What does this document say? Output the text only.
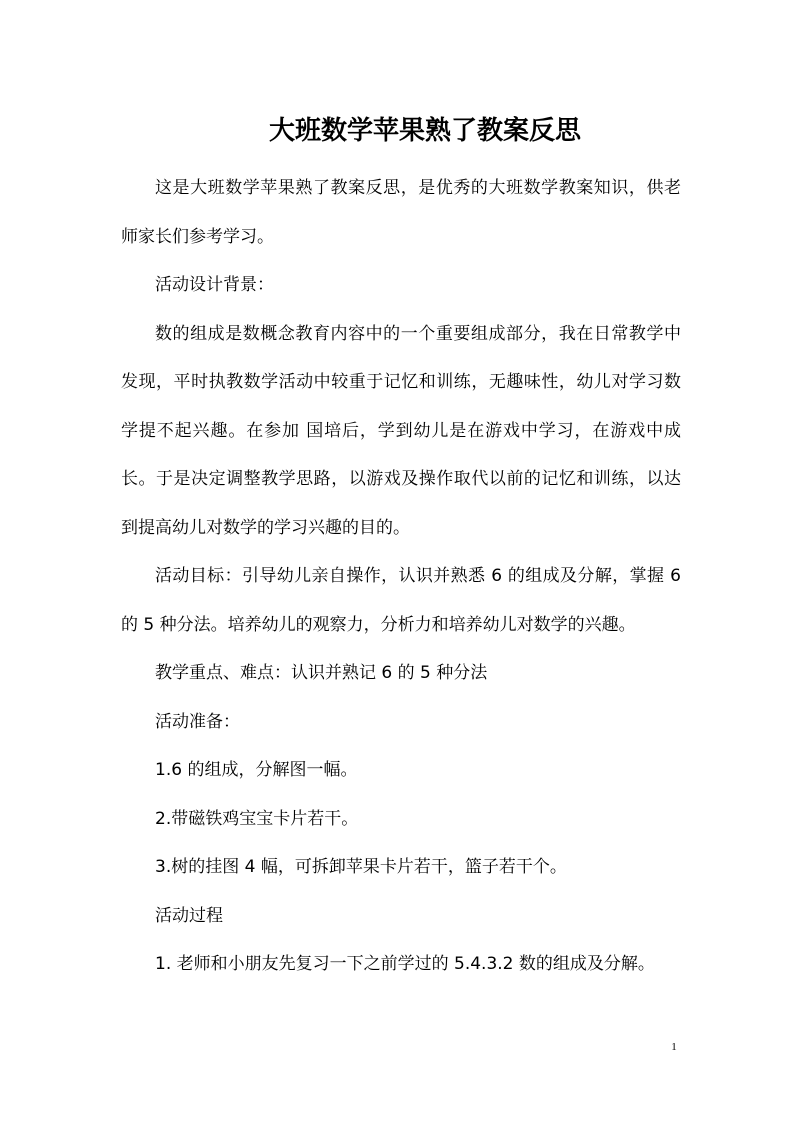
大班数学苹果熟了教案反思

这是大班数学苹果熟了教案反思，是优秀的大班数学教案知识，供老师家长们参考学习。

活动设计背景：

数的组成是数概念教育内容中的一个重要组成部分，我在日常教学中发现，平时执教数学活动中较重于记忆和训练，无趣味性，幼儿对学习数学提不起兴趣。在参加 国培后，学到幼儿是在游戏中学习，在游戏中成长。于是决定调整教学思路，以游戏及操作取代以前的记忆和训练，以达到提高幼儿对数学的学习兴趣的目的。

活动目标：引导幼儿亲自操作，认识并熟悉 6 的组成及分解，掌握 6 的 5 种分法。培养幼儿的观察力，分析力和培养幼儿对数学的兴趣。

教学重点、难点：认识并熟记 6 的 5 种分法

活动准备：

1.6 的组成，分解图一幅。

2.带磁铁鸡宝宝卡片若干。

3.树的挂图 4 幅，可拆卸苹果卡片若干，篮子若干个。

活动过程

1. 老师和小朋友先复习一下之前学过的 5.4.3.2 数的组成及分解。

1
